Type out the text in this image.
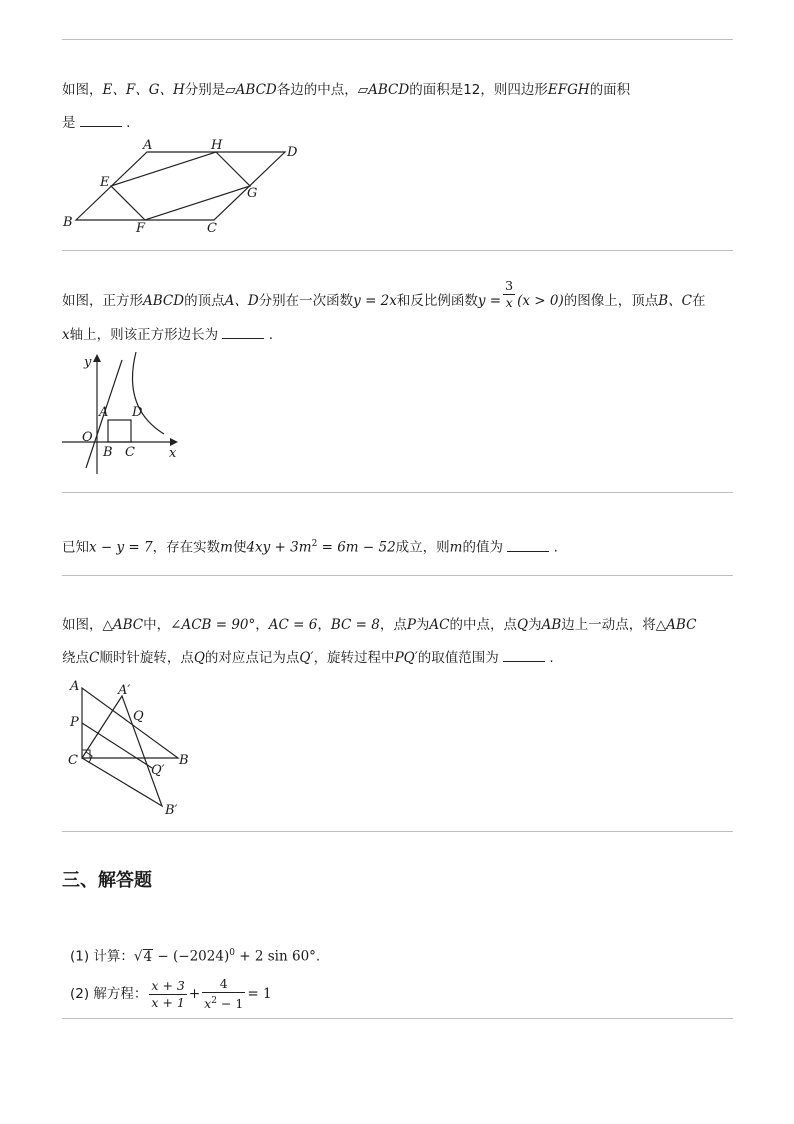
如图，E、F、G、H分别是▱ABCD各边的中点，▱ABCD的面积是12，则四边形EFGH的面积
是	.
A	H	D
E
G
B	F	C
如图，正方形ABCD的顶点A、D分别在一次函数y = 2x和反比例函数$y = \frac{3}{x} (x > 0)$的图像上，顶点B、C在
x轴上，则该正方形边长为	.
y
A D
O
B C	x
已知x − y = 7，存在实数m使$4xy + 3m^2 = 6m - 52$成立，则m的值为	.
如图，△ABC中，∠ACB = 90°，AC = 6，BC = 8，点P为AC的中点，点Q为AB边上一动点，将△ABC
绕点C顺时针旋转，点Q的对应点记为点Q′，旋转过程中PQ′的取值范围为	.
A	A′
Q
P
C	B
Q′
B′
三、解答题
(1) 计算：$√4 - (-2024)^0 + 2$ sin 60°.
(2) 解方程： $\frac{x + 3}{x + 1} + \frac{4}{x^2 - 1} = 1$
